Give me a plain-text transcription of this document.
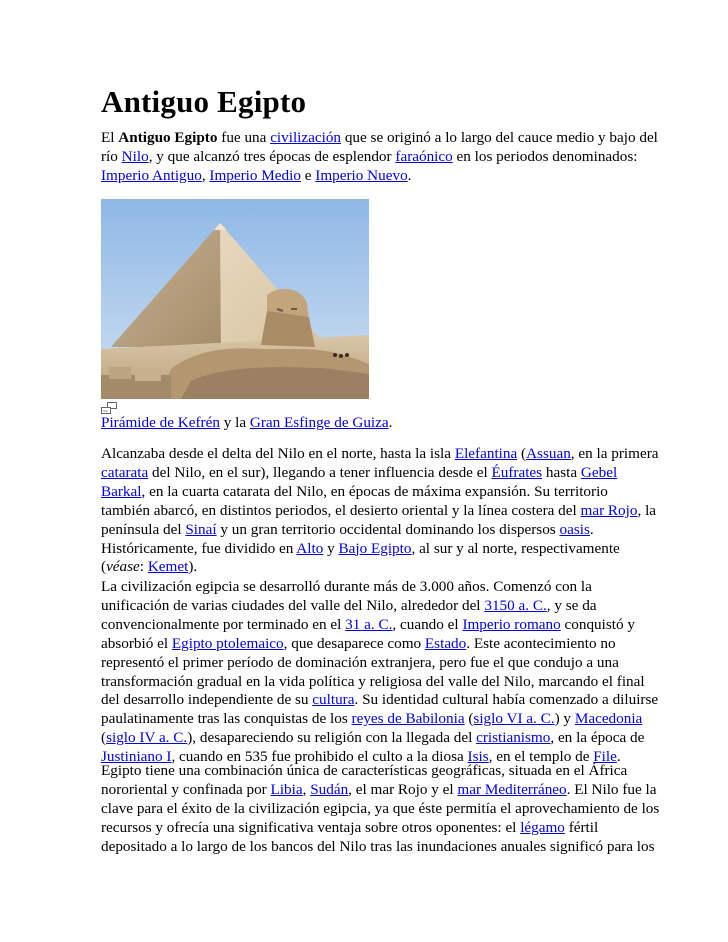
Antiguo Egipto
El Antiguo Egipto fue una civilización que se originó a lo largo del cauce medio y bajo del
río Nilo, y que alcanzó tres épocas de esplendor faraónico en los periodos denominados:
Imperio Antiguo, Imperio Medio e Imperio Nuevo.
Pirámide de Kefrén y la Gran Esfinge de Guiza.
Alcanzaba desde el delta del Nilo en el norte, hasta la isla Elefantina (Assuan, en la primera
catarata del Nilo, en el sur), llegando a tener influencia desde el Éufrates hasta Gebel
Barkal, en la cuarta catarata del Nilo, en épocas de máxima expansión. Su territorio
también abarcó, en distintos periodos, el desierto oriental y la línea costera del mar Rojo, la
península del Sinaí y un gran territorio occidental dominando los dispersos oasis.
Históricamente, fue dividido en Alto y Bajo Egipto, al sur y al norte, respectivamente
(véase: Kemet).
La civilización egipcia se desarrolló durante más de 3.000 años. Comenzó con la
unificación de varias ciudades del valle del Nilo, alrededor del 3150 a. C., y se da
convencionalmente por terminado en el 31 a. C., cuando el Imperio romano conquistó y
absorbió el Egipto ptolemaico, que desaparece como Estado. Este acontecimiento no
representó el primer período de dominación extranjera, pero fue el que condujo a una
transformación gradual en la vida política y religiosa del valle del Nilo, marcando el final
del desarrollo independiente de su cultura. Su identidad cultural había comenzado a diluirse
paulatinamente tras las conquistas de los reyes de Babilonia (siglo VI a. C.) y Macedonia
(siglo IV a. C.), desapareciendo su religión con la llegada del cristianismo, en la época de
Justiniano I, cuando en 535 fue prohibido el culto a la diosa Isis, en el templo de File.
Egipto tiene una combinación única de características geográficas, situada en el África
nororiental y confinada por Libia, Sudán, el mar Rojo y el mar Mediterráneo. El Nilo fue la
clave para el éxito de la civilización egipcia, ya que éste permitía el aprovechamiento de los
recursos y ofrecía una significativa ventaja sobre otros oponentes: el légamo fértil
depositado a lo largo de los bancos del Nilo tras las inundaciones anuales significó para los
